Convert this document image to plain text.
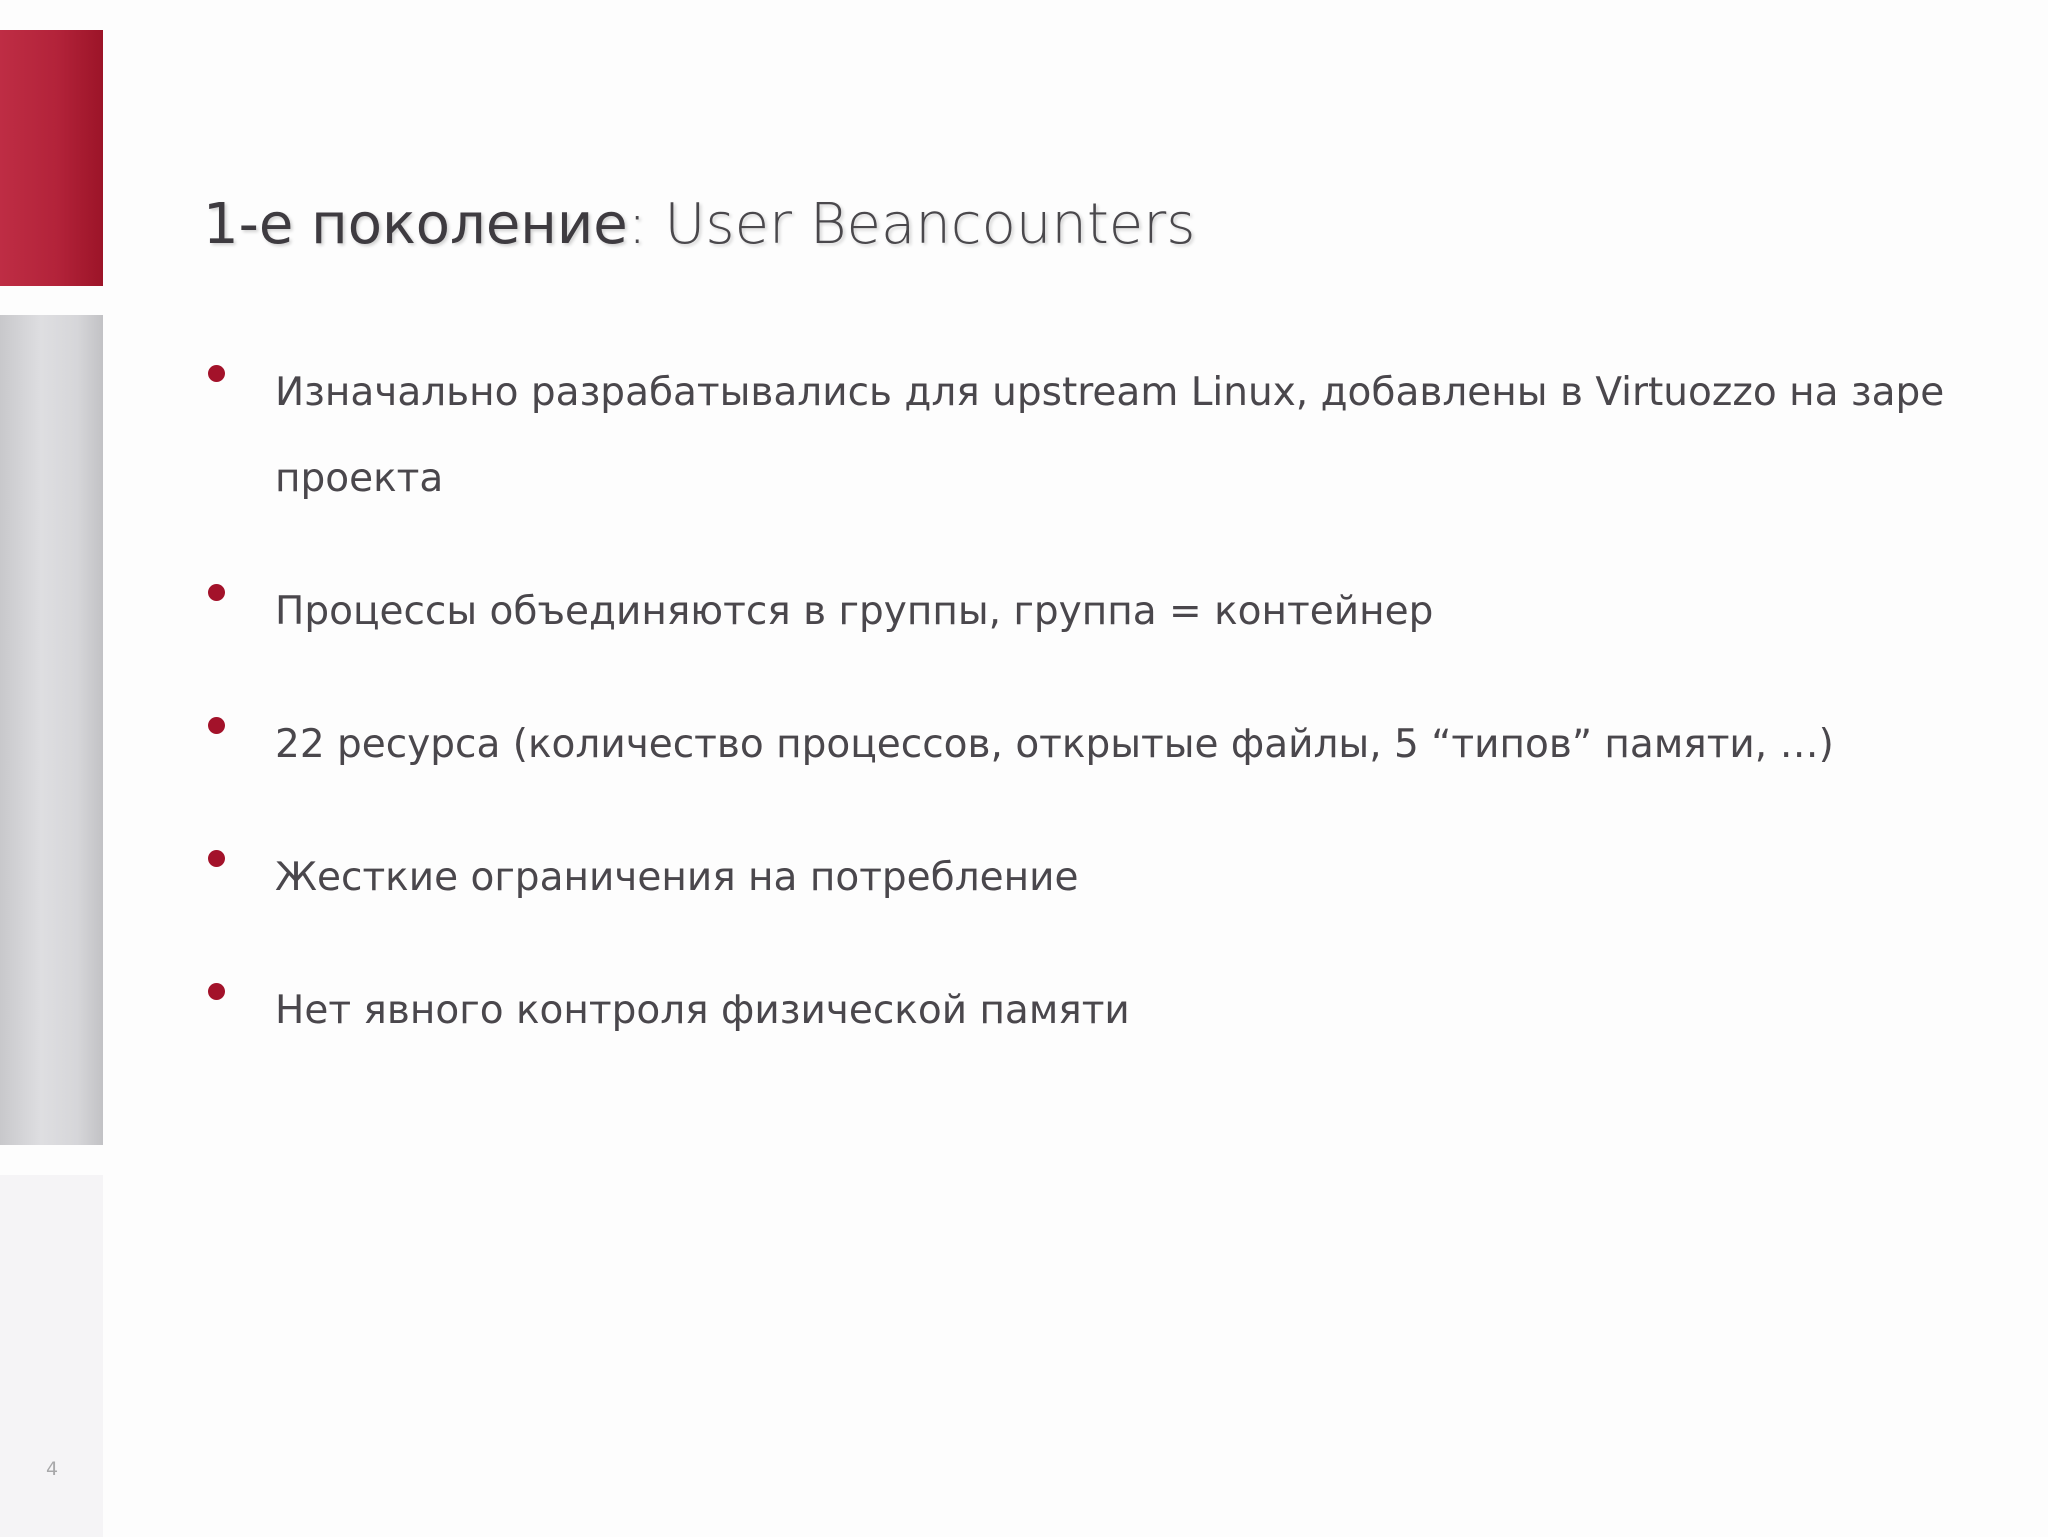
1-е поколение: User Beancounters
Изначально разрабатывались для upstream Linux, добавлены в Virtuozzo на заре проекта
Процессы объединяются в группы, группа = контейнер
22 ресурса (количество процессов, открытые файлы, 5 “типов” памяти, …)
Жесткие ограничения на потребление
Нет явного контроля физической памяти
4
